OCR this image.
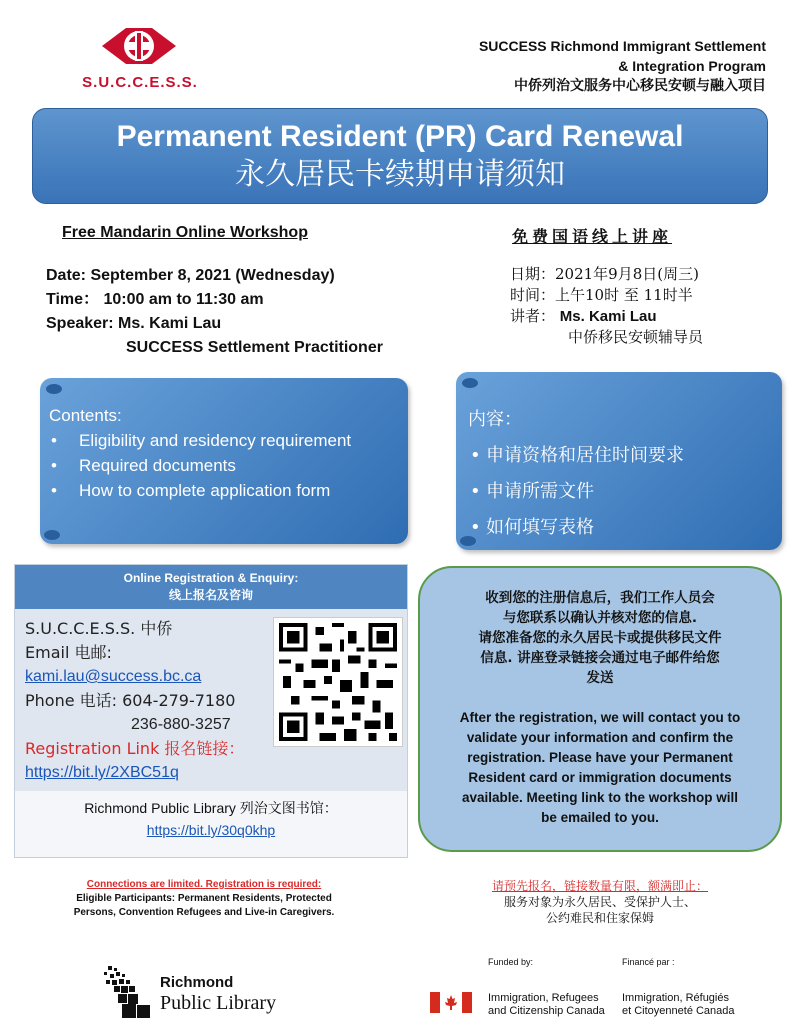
S.U.C.C.E.S.S.
SUCCESS Richmond Immigrant Settlement
& Integration Program
中侨列治文服务中心移民安顿与融入项目
Permanent Resident (PR) Card Renewal
永久居民卡续期申请须知
Free Mandarin Online Workshop	免费国语线上讲座
Date: September 8, 2021 (Wednesday)
Time： 10:00 am to 11:30 am
Speaker: Ms. Kami Lau
SUCCESS Settlement Practitioner
日期：2021年9月8日(周三)
时间：上午10时 至 11时半
讲者： Ms. Kami Lau
中侨移民安顿辅导员
Contents:
• Eligibility and residency requirement
• Required documents
• How to complete application form
内容：
• 申请资格和居住时间要求
• 申请所需文件
• 如何填写表格
Online Registration & Enquiry:
线上报名及咨询
S.U.C.C.E.S.S. 中侨
Email 电邮:
kami.lau@success.bc.ca
Phone 电话: 604-279-7180
236-880-3257
Registration Link 报名链接：
https://bit.ly/2XBC51q
Richmond Public Library 列治文图书馆：
https://bit.ly/30q0khp
收到您的注册信息后，我们工作人员会
与您联系以确认并核对您的信息.
请您准备您的永久居民卡或提供移民文件
信息. 讲座登录链接会通过电子邮件给您
发送
After the registration, we will contact you to
validate your information and confirm the
registration. Please have your Permanent
Resident card or immigration documents
available. Meeting link to the workshop will
be emailed to you.
Connections are limited. Registration is required:
Eligible Participants: Permanent Residents, Protected
Persons, Convention Refugees and Live-in Caregivers.
请预先报名，链接数量有限，额满即止：
服务对象为永久居民、受保护人士、
公约难民和住家保姆
Richmond
Public Library
Funded by:	Financé par :
Immigration, Refugees
and Citizenship Canada
Immigration, Réfugiés
et Citoyenneté Canada
